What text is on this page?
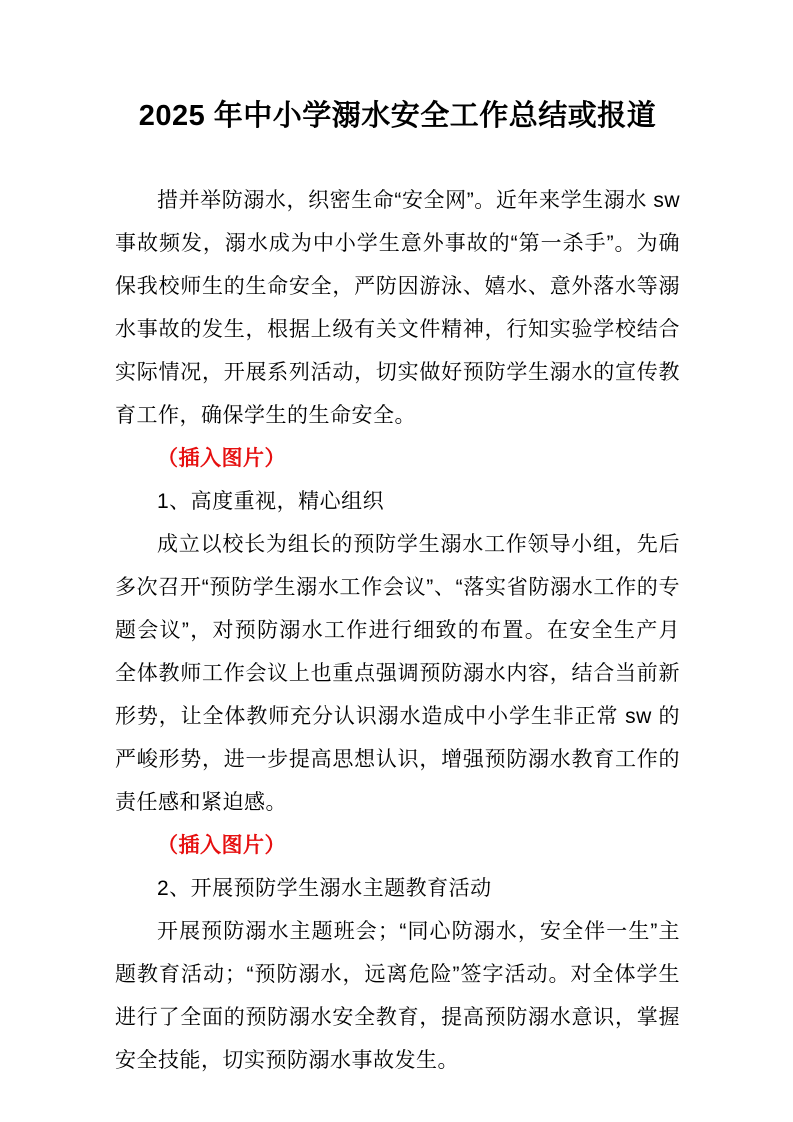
2025 年中小学溺水安全工作总结或报道

措并举防溺水，织密生命“安全网”。近年来学生溺水 sw 事故频发，溺水成为中小学生意外事故的“第一杀手”。为确保我校师生的生命安全，严防因游泳、嬉水、意外落水等溺水事故的发生，根据上级有关文件精神，行知实验学校结合实际情况，开展系列活动，切实做好预防学生溺水的宣传教育工作，确保学生的生命安全。

（插入图片）

1、高度重视，精心组织

成立以校长为组长的预防学生溺水工作领导小组，先后多次召开“预防学生溺水工作会议”、“落实省防溺水工作的专题会议”，对预防溺水工作进行细致的布置。在安全生产月全体教师工作会议上也重点强调预防溺水内容，结合当前新形势，让全体教师充分认识溺水造成中小学生非正常 sw 的严峻形势，进一步提高思想认识，增强预防溺水教育工作的责任感和紧迫感。

（插入图片）

2、开展预防学生溺水主题教育活动

开展预防溺水主题班会；“同心防溺水，安全伴一生”主题教育活动；“预防溺水，远离危险”签字活动。对全体学生进行了全面的预防溺水安全教育，提高预防溺水意识，掌握安全技能，切实预防溺水事故发生。
